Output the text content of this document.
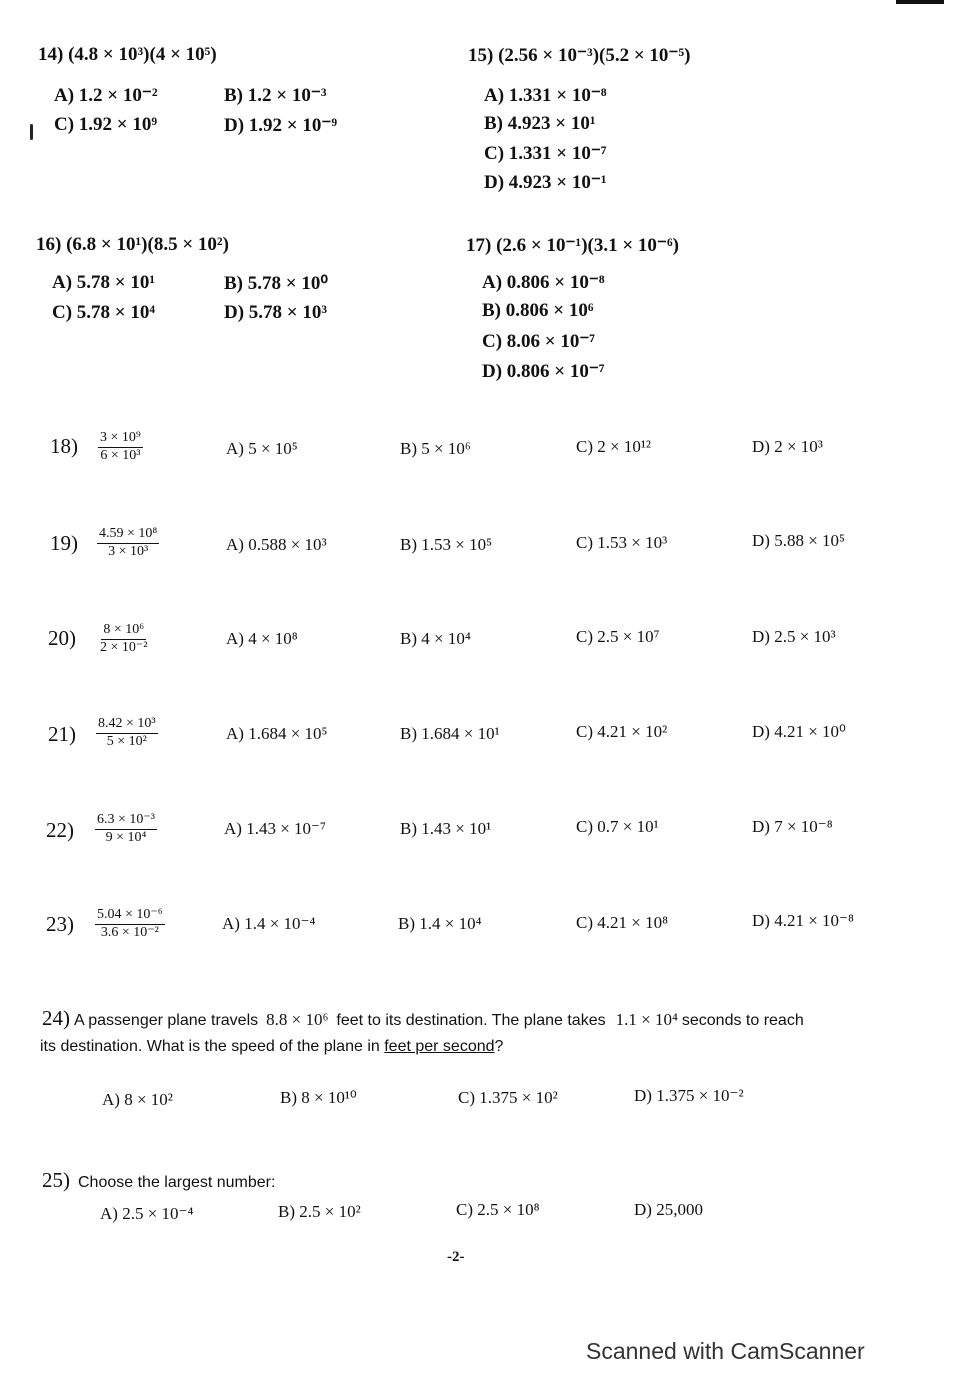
14) (4.8 × 10³)(4 × 10⁵)
A) 1.2 × 10⁻²	B) 1.2 × 10⁻³
C) 1.92 × 10⁹	D) 1.92 × 10⁻⁹
15) (2.56 × 10⁻³)(5.2 × 10⁻⁵)
A) 1.331 × 10⁻⁸
B) 4.923 × 10¹
C) 1.331 × 10⁻⁷
D) 4.923 × 10⁻¹
16) (6.8 × 10¹)(8.5 × 10²)
A) 5.78 × 10¹	B) 5.78 × 10⁰
C) 5.78 × 10⁴	D) 5.78 × 10³
17) (2.6 × 10⁻¹)(3.1 × 10⁻⁶)
A) 0.806 × 10⁻⁸
B) 0.806 × 10⁶
C) 8.06 × 10⁻⁷
D) 0.806 × 10⁻⁷
$18) \frac{\text{3 × 10⁹}}{\text{6 × 10³}}$	A) 5 × 10⁵	B) 5 × 10⁶	C) 2 × 10¹²	D) 2 × 10³
$19) \frac{\text{4.59 × 10⁸}}{\text{3 × 10³}}$	A) 0.588 × 10³	B) 1.53 × 10⁵	C) 1.53 × 10³	D) 5.88 × 10⁵
$20) \frac{\text{8 × 10⁶}}{\text{2 × 10⁻²}}$	A) 4 × 10⁸	B) 4 × 10⁴	C) 2.5 × 10⁷	D) 2.5 × 10³
$21) \frac{\text{8.42 × 10³}}{\text{5 × 10²}}$	A) 1.684 × 10⁵	B) 1.684 × 10¹	C) 4.21 × 10²	D) 4.21 × 10⁰
$22) \frac{\text{6.3 × 10⁻³}}{\text{9 × 10⁴}}$	A) 1.43 × 10⁻⁷	B) 1.43 × 10¹	C) 0.7 × 10¹	D) 7 × 10⁻⁸
$23) \frac{\text{5.04 × 10⁻⁶}}{\text{3.6 × 10⁻²}}$	A) 1.4 × 10⁻⁴	B) 1.4 × 10⁴	C) 4.21 × 10⁸	D) 4.21 × 10⁻⁸
24) A passenger plane travels 8.8 × 10⁶ feet to its destination. The plane takes 1.1 × 10⁴ seconds to reach
its destination. What is the speed of the plane in feet per second?
A) 8 × 10²	B) 8 × 10¹⁰	C) 1.375 × 10²	D) 1.375 × 10⁻²
25) Choose the largest number:
A) 2.5 × 10⁻⁴	B) 2.5 × 10²	C) 2.5 × 10⁸	D) 25,000
-2-
Scanned with CamScanner
